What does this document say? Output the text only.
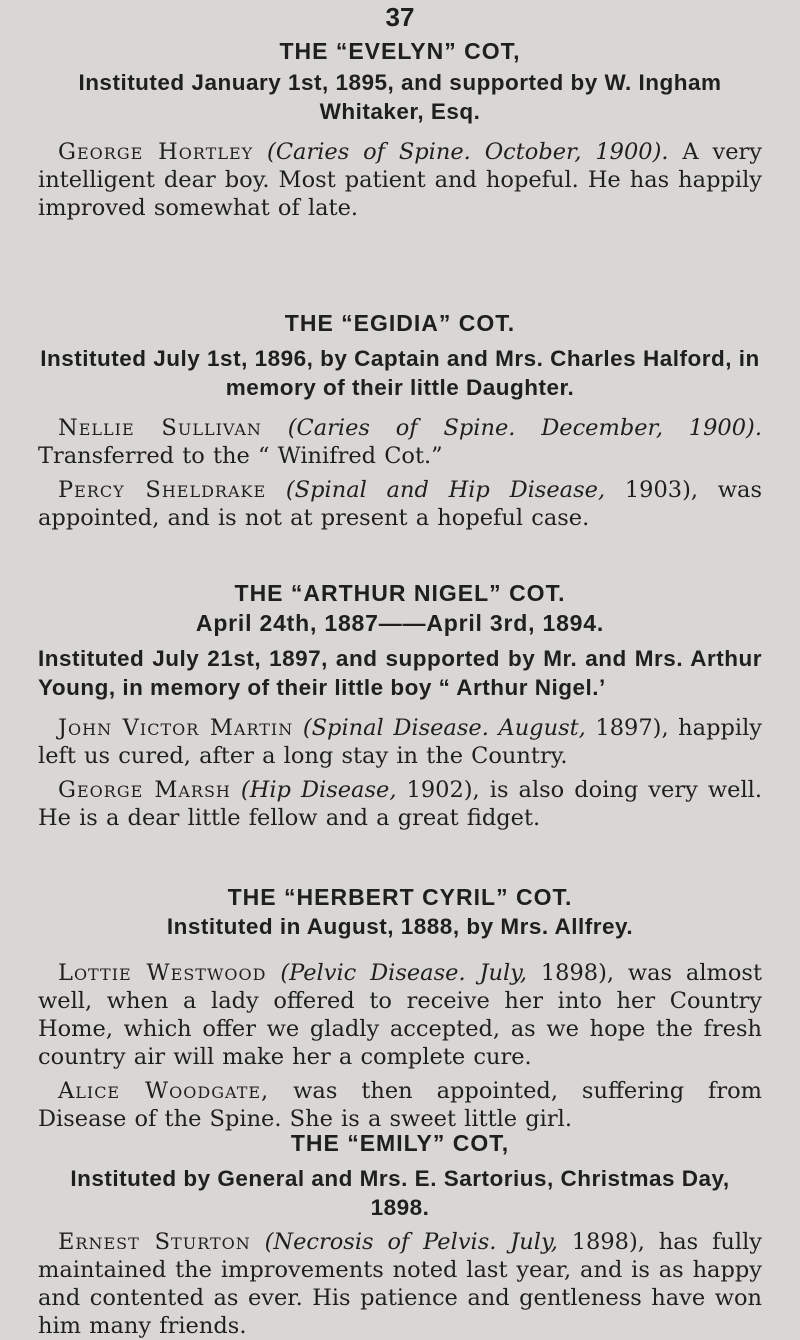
37
THE “EVELYN” COT,
Instituted January 1st, 1895, and supported by W. Ingham Whitaker, Esq.

George Hortley (Caries of Spine. October, 1900). A very intelligent dear boy. Most patient and hopeful. He has happily improved somewhat of late.

THE “EGIDIA” COT.
Instituted July 1st, 1896, by Captain and Mrs. Charles Halford, in memory of their little Daughter.

Nellie Sullivan (Caries of Spine. December, 1900). Transferred to the “ Winifred Cot.”

Percy Sheldrake (Spinal and Hip Disease, 1903), was appointed, and is not at present a hopeful case.

THE “ARTHUR NIGEL” COT.
April 24th, 1887——April 3rd, 1894.
Instituted July 21st, 1897, and supported by Mr. and Mrs. Arthur Young, in memory of their little boy “ Arthur Nigel.’

John Victor Martin (Spinal Disease. August, 1897), happily left us cured, after a long stay in the Country.

George Marsh (Hip Disease, 1902), is also doing very well. He is a dear little fellow and a great fidget.

THE “HERBERT CYRIL” COT.
Instituted in August, 1888, by Mrs. Allfrey.

Lottie Westwood (Pelvic Disease. July, 1898), was almost well, when a lady offered to receive her into her Country Home, which offer we gladly accepted, as we hope the fresh country air will make her a complete cure.

Alice Woodgate, was then appointed, suffering from Disease of the Spine. She is a sweet little girl.

THE “EMILY” COT,
Instituted by General and Mrs. E. Sartorius, Christmas Day, 1898.

Ernest Sturton (Necrosis of Pelvis. July, 1898), has fully maintained the improvements noted last year, and is as happy and contented as ever. His patience and gentleness have won him many friends.
